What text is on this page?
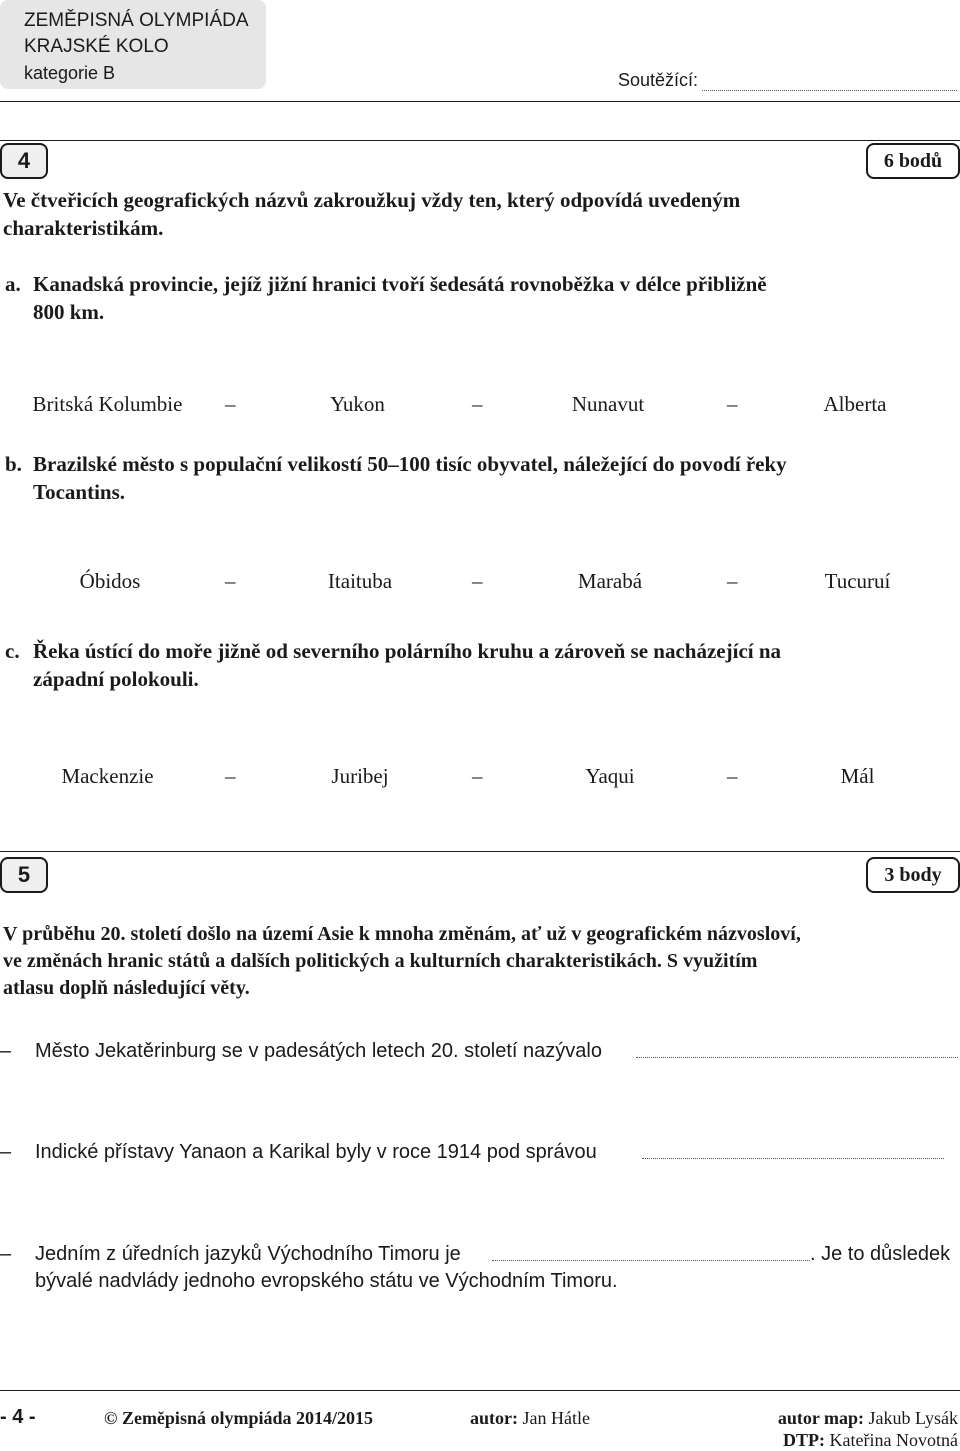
ZEMĚPISNÁ OLYMPIÁDA
KRAJSKÉ KOLO
kategorie B	Soutěžící:
4	6 bodů
Ve čtveřicích geografických názvů zakroužkuj vždy ten, který odpovídá uvedeným
charakteristikám.
a. Kanadská provincie, jejíž jižní hranici tvoří šedesátá rovnoběžka v délce přibližně
800 km.
Britská Kolumbie	–	Yukon	–	Nunavut	–	Alberta
b. Brazilské město s populační velikostí 50–100 tisíc obyvatel, náležející do povodí řeky
Tocantins.
Óbidos	–	Itaituba	–	Marabá	–	Tucuruí
c. Řeka ústící do moře jižně od severního polárního kruhu a zároveň se nacházející na
západní polokouli.
Mackenzie	–	Juribej	–	Yaqui	–	Mál
5	3 body
V průběhu 20. století došlo na území Asie k mnoha změnám, ať už v geografickém názvosloví,
ve změnách hranic států a dalších politických a kulturních charakteristikách. S využitím
atlasu doplň následující věty.
– Město Jekatěrinburg se v padesátých letech 20. století nazývalo
– Indické přístavy Yanaon a Karikal byly v roce 1914 pod správou
– Jedním z úředních jazyků Východního Timoru je	. Je to důsledek
bývalé nadvlády jednoho evropského státu ve Východním Timoru.
- 4 -	© Zeměpisná olympiáda 2014/2015	autor: Jan Hátle	autor map: Jakub Lysák
DTP: Kateřina Novotná
